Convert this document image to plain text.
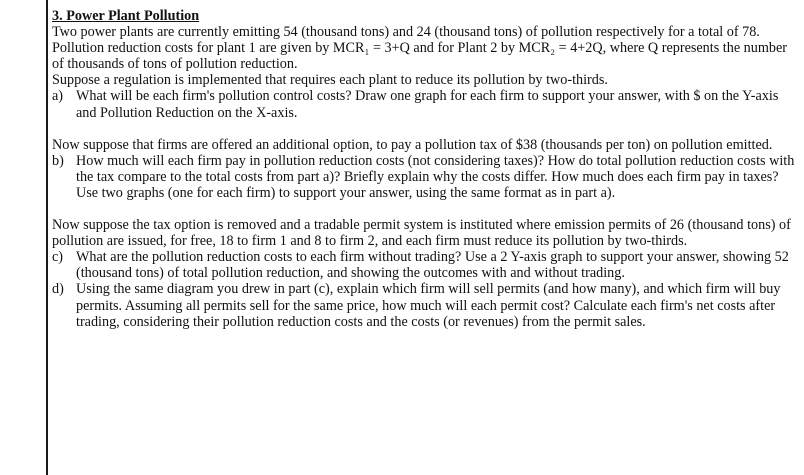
3. Power Plant Pollution

Two power plants are currently emitting 54 (thousand tons) and 24 (thousand tons) of pollution respectively for a total of 78. Pollution reduction costs for plant 1 are given by MCR₁ = 3+Q and for Plant 2 by MCR₂ = 4+2Q, where Q represents the number of thousands of tons of pollution reduction.

Suppose a regulation is implemented that requires each plant to reduce its pollution by two-thirds.

a) What will be each firm's pollution control costs? Draw one graph for each firm to support your answer, with $ on the Y-axis and Pollution Reduction on the X-axis.

Now suppose that firms are offered an additional option, to pay a pollution tax of $38 (thousands per ton) on pollution emitted.

b) How much will each firm pay in pollution reduction costs (not considering taxes)? How do total pollution reduction costs with the tax compare to the total costs from part a)? Briefly explain why the costs differ. How much does each firm pay in taxes? Use two graphs (one for each firm) to support your answer, using the same format as in part a).

Now suppose the tax option is removed and a tradable permit system is instituted where emission permits of 26 (thousand tons) of pollution are issued, for free, 18 to firm 1 and 8 to firm 2, and each firm must reduce its pollution by two-thirds.

c) What are the pollution reduction costs to each firm without trading? Use a 2 Y-axis graph to support your answer, showing 52 (thousand tons) of total pollution reduction, and showing the outcomes with and without trading.
d) Using the same diagram you drew in part (c), explain which firm will sell permits (and how many), and which firm will buy permits. Assuming all permits sell for the same price, how much will each permit cost? Calculate each firm's net costs after trading, considering their pollution reduction costs and the costs (or revenues) from the permit sales.
